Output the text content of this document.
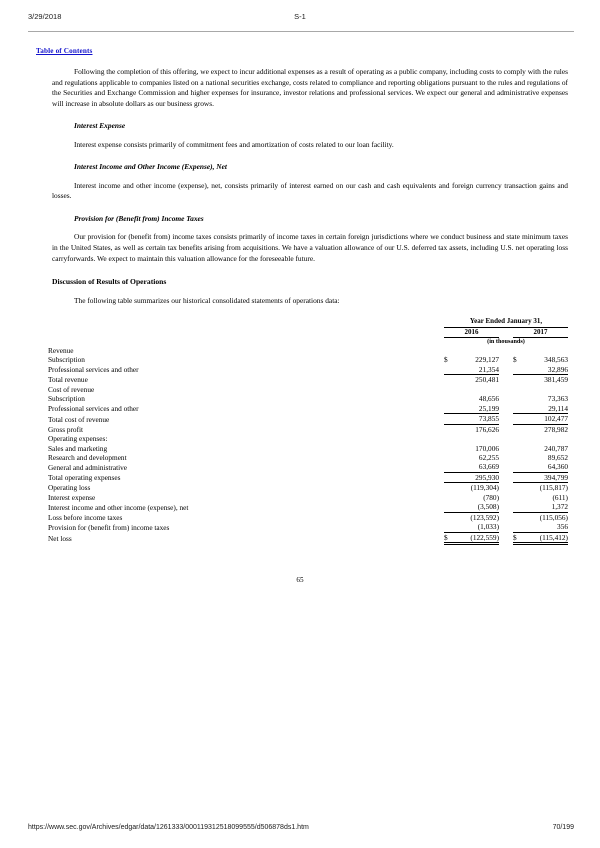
3/29/2018	S-1
Table of Contents

Following the completion of this offering, we expect to incur additional expenses as a result of operating as a public company, including costs to comply with the rules and regulations applicable to companies listed on a national securities exchange, costs related to compliance and reporting obligations pursuant to the rules and regulations of the Securities and Exchange Commission and higher expenses for insurance, investor relations and professional services. We expect our general and administrative expenses will increase in absolute dollars as our business grows.

Interest Expense

Interest expense consists primarily of commitment fees and amortization of costs related to our loan facility.

Interest Income and Other Income (Expense), Net

Interest income and other income (expense), net, consists primarily of interest earned on our cash and cash equivalents and foreign currency transaction gains and losses.

Provision for (Benefit from) Income Taxes

Our provision for (benefit from) income taxes consists primarily of income taxes in certain foreign jurisdictions where we conduct business and state minimum taxes in the United States, as well as certain tax benefits arising from acquisitions. We have a valuation allowance of our U.S. deferred tax assets, including U.S. net operating loss carryforwards. We expect to maintain this valuation allowance for the foreseeable future.

Discussion of Results of Operations

The following table summarizes our historical consolidated statements of operations data:

		Year Ended January 31,				
		2016			2017	
		(in thousands)				
Revenue						
Subscription		$	229,127		$	348,563
Professional services and other			21,354			32,896
Total revenue			250,481			381,459
Cost of revenue						
Subscription			48,656			73,363
Professional services and other			25,199			29,114
Total cost of revenue			73,855			102,477
Gross profit			176,626			278,982
Operating expenses:						
Sales and marketing			170,006			240,787
Research and development			62,255			89,652
General and administrative			63,669			64,360
Total operating expenses			295,930			394,799
Operating loss			(119,304)			(115,817)
Interest expense			(780)			(611)
Interest income and other income (expense), net			(3,508)			1,372
Loss before income taxes			(123,592)			(115,056)
Provision for (benefit from) income taxes			(1,033)			356
Net loss		$	(122,559)		$	(115,412)
65
https://www.sec.gov/Archives/edgar/data/1261333/000119312518099555/d506878ds1.htm	70/199
